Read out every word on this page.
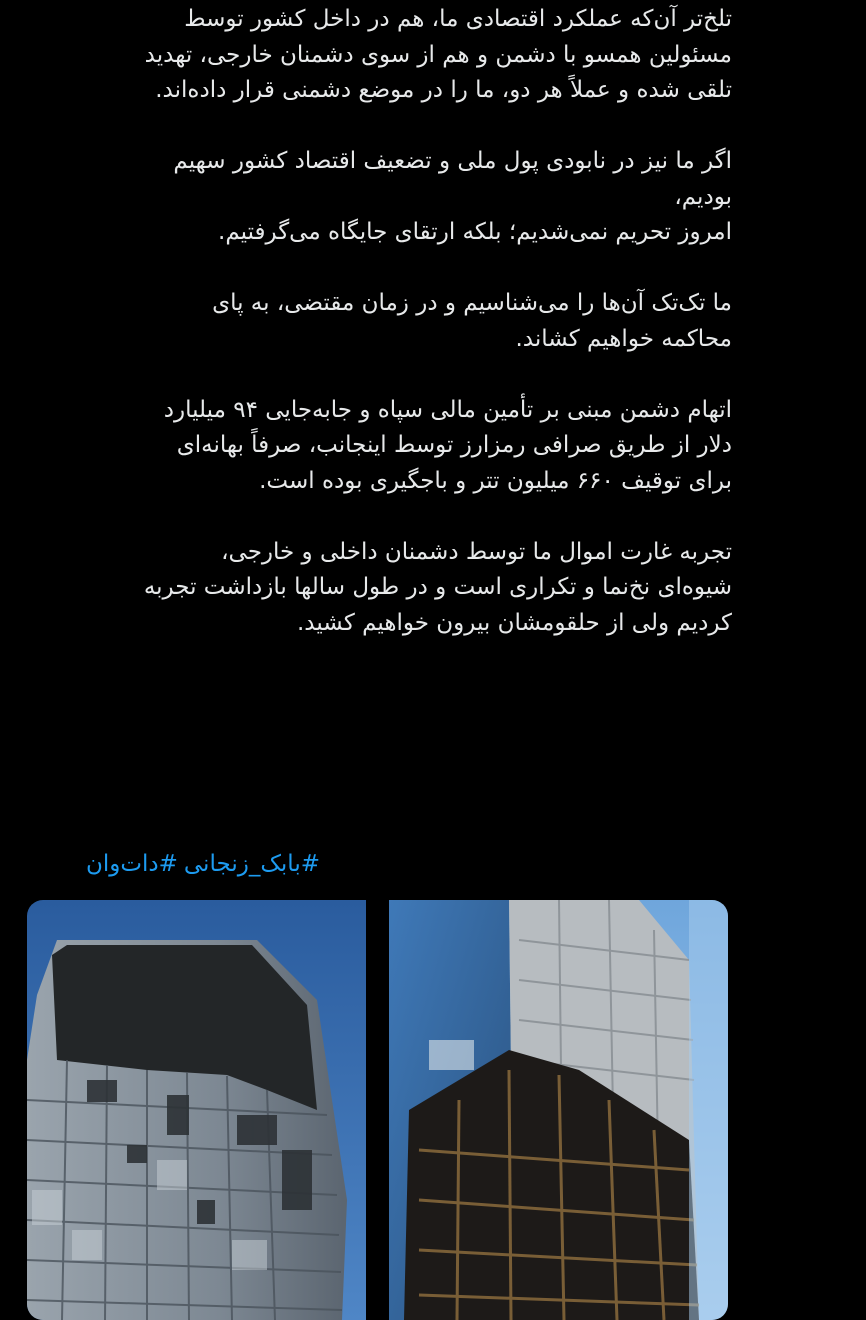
تلخ‌تر آن‌که عملکرد اقتصادی ما، هم در داخل کشور توسط
مسئولین همسو با دشمن و هم از سوی دشمنان خارجی، تهدید
تلقی شده و عملاً هر دو، ما را در موضع دشمنی قرار داده‌اند.
اگر ما نیز در نابودی پول ملی و تضعیف اقتصاد کشور سهیم
بودیم،
امروز تحریم نمی‌شدیم؛ بلکه ارتقای جایگاه می‌گرفتیم.
ما تک‌تک آن‌ها را می‌شناسیم و در زمان مقتضی، به پای
محاکمه خواهیم کشاند.
اتهام دشمن مبنی بر تأمین مالی سپاه و جابه‌جایی ۹۴ میلیارد
دلار از طریق صرافی رمزارز توسط اینجانب، صرفاً بهانه‌ای
برای توقیف ۶۶۰ میلیون تتر و باجگیری بوده است.
تجربه غارت اموال ما توسط دشمنان داخلی و خارجی،
شیوه‌ای نخ‌نما و تکراری است و در طول سالها بازداشت تجربه
کردیم ولی از حلقومشان بیرون خواهیم کشید.
#بابک_زنجانی#دات‌وان
